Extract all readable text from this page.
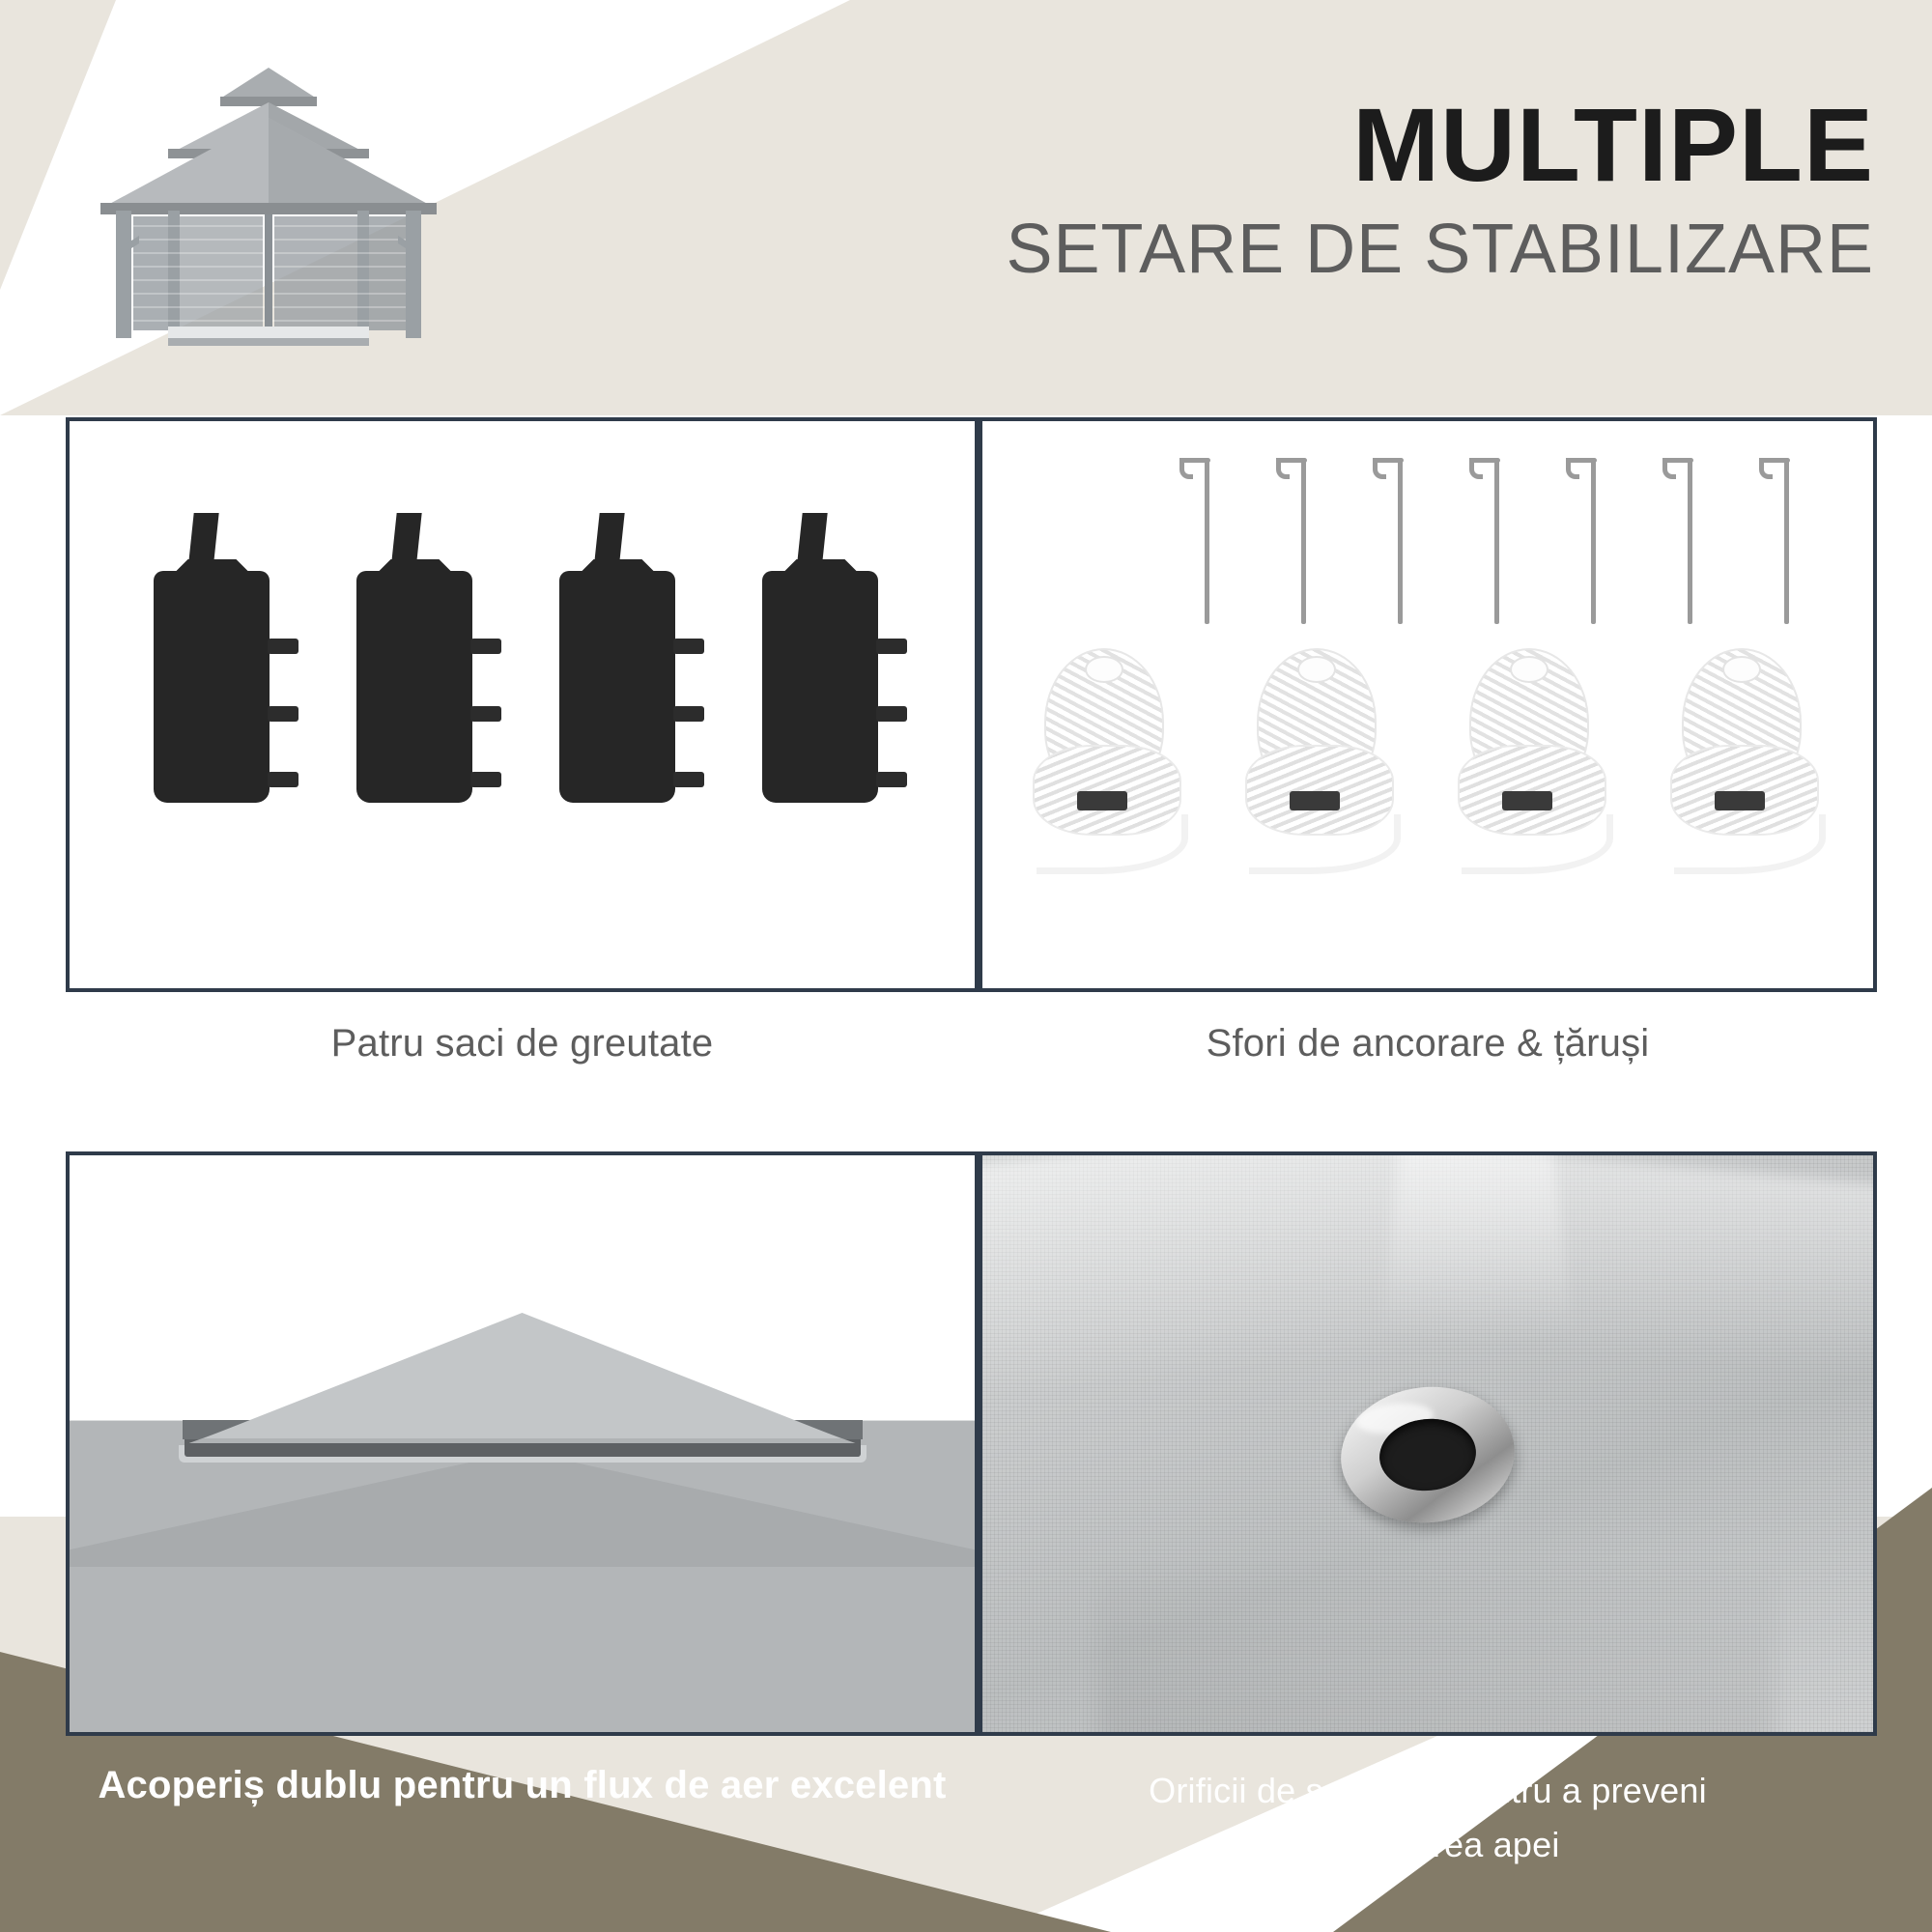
MULTIPLE
SETARE DE STABILIZARE
Patru saci de greutate	Sfori de ancorare & țăruși
Acoperiș dublu pentru un flux de aer excelent	Orificii de scurgere pentru a preveni
Acumularea apei
